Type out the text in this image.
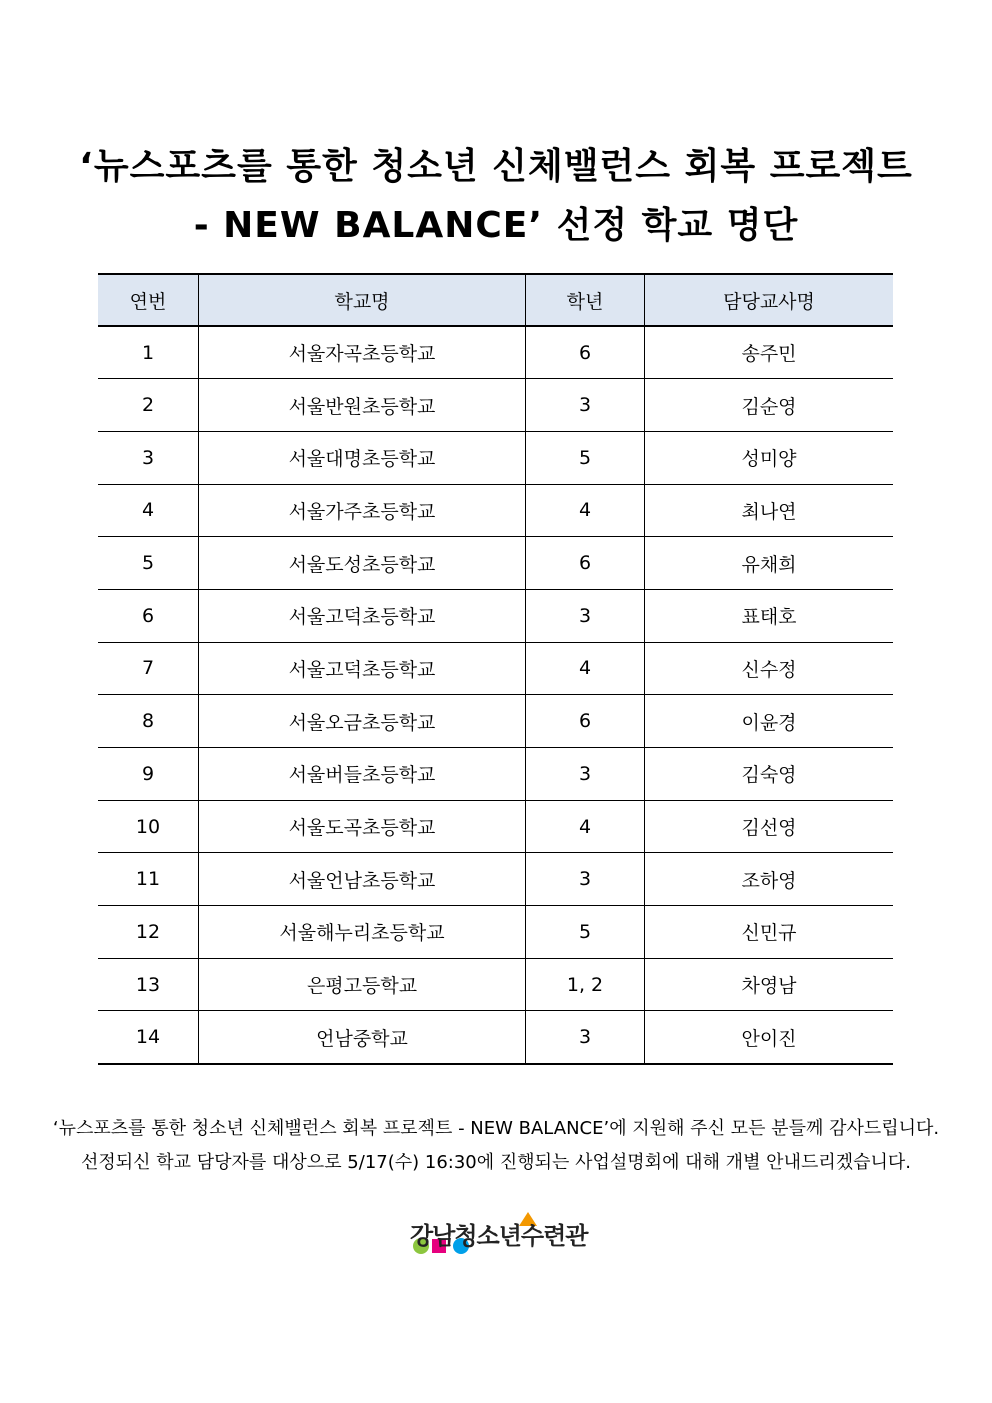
‘뉴스포츠를 통한 청소년 신체밸런스 회복 프로젝트
- NEW BALANCE’ 선정 학교 명단
연번	학교명	학년	담당교사명
1	서울자곡초등학교	6	송주민
2	서울반원초등학교	3	김순영
3	서울대명초등학교	5	성미양
4	서울가주초등학교	4	최나연
5	서울도성초등학교	6	유채희
6	서울고덕초등학교	3	표태호
7	서울고덕초등학교	4	신수정
8	서울오금초등학교	6	이윤경
9	서울버들초등학교	3	김숙영
10	서울도곡초등학교	4	김선영
11	서울언남초등학교	3	조하영
12	서울해누리초등학교	5	신민규
13	은평고등학교	1, 2	차영남
14	언남중학교	3	안이진
‘뉴스포츠를 통한 청소년 신체밸런스 회복 프로젝트 - NEW BALANCE’에 지원해 주신 모든 분들께 감사드립니다.
선정되신 학교 담당자를 대상으로 5/17(수) 16:30에 진행되는 사업설명회에 대해 개별 안내드리겠습니다.
강남청소년수련관
